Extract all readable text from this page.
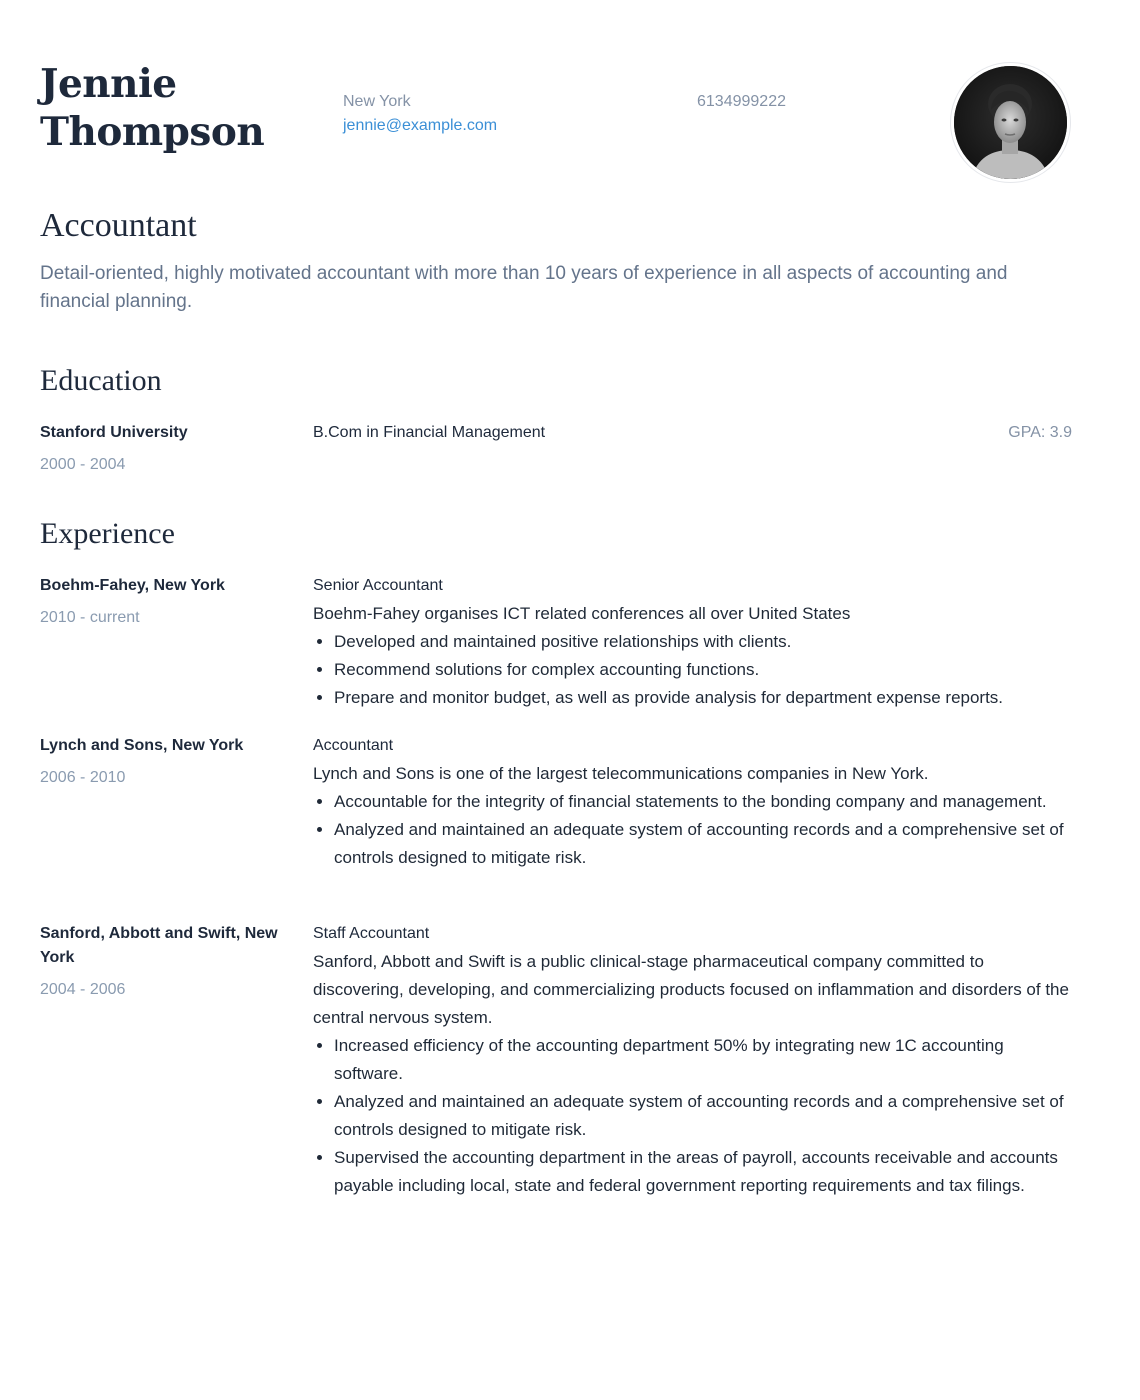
Jennie
Thompson
New York
jennie@example.com
6134999222
Accountant

Detail-oriented, highly motivated accountant with more than 10 years of experience in all aspects of accounting and financial planning.

Education
Stanford University
2000 - 2004
B.Com in Financial Management	GPA: 3.9
Experience
Boehm-Fahey, New York
2010 - current
Senior Accountant
Boehm-Fahey organises ICT related conferences all over United States
• Developed and maintained positive relationships with clients.
• Recommend solutions for complex accounting functions.
• Prepare and monitor budget, as well as provide analysis for department expense reports.
Lynch and Sons, New York
2006 - 2010
Accountant
Lynch and Sons is one of the largest telecommunications companies in New York.
• Accountable for the integrity of financial statements to the bonding company and management.
• Analyzed and maintained an adequate system of accounting records and a comprehensive set of controls designed to mitigate risk.
Sanford, Abbott and Swift, New York
2004 - 2006
Staff Accountant
Sanford, Abbott and Swift is a public clinical-stage pharmaceutical company committed to discovering, developing, and commercializing products focused on inflammation and disorders of the central nervous system.
• Increased efficiency of the accounting department 50% by integrating new 1C accounting software.
• Analyzed and maintained an adequate system of accounting records and a comprehensive set of controls designed to mitigate risk.
• Supervised the accounting department in the areas of payroll, accounts receivable and accounts payable including local, state and federal government reporting requirements and tax filings.
